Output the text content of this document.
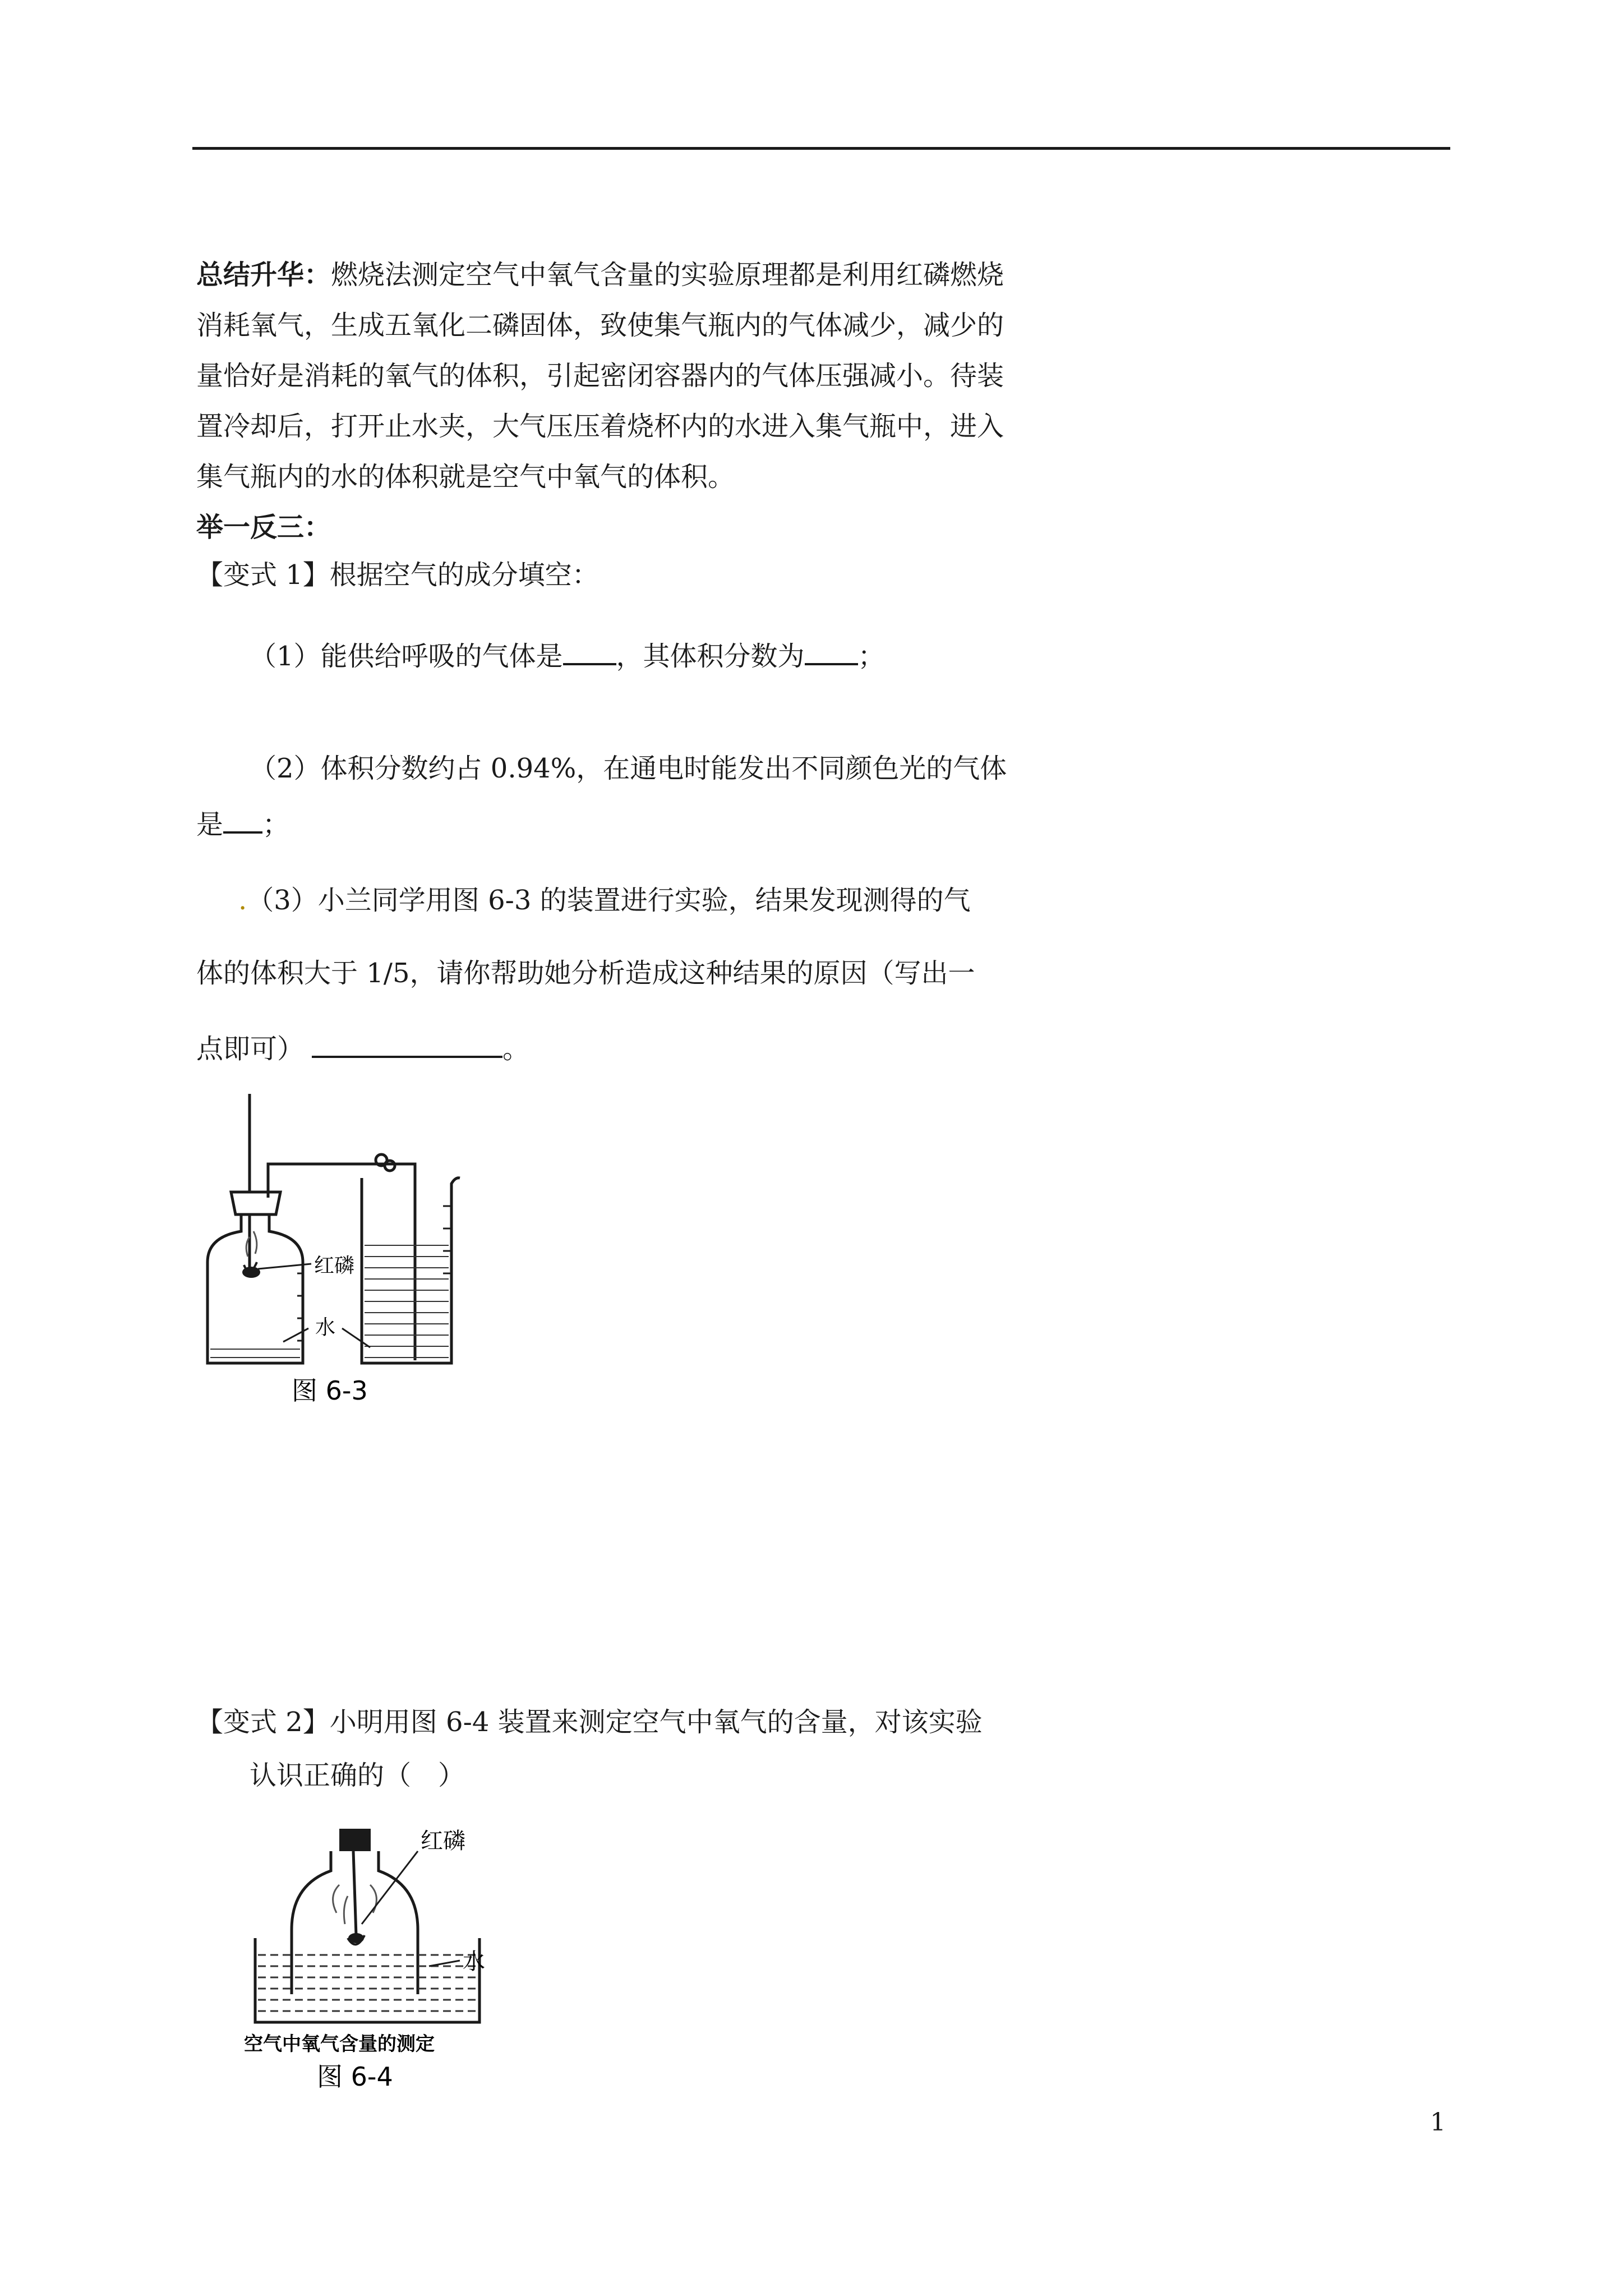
总结升华：燃烧法测定空气中氧气含量的实验原理都是利用红磷燃烧消耗氧气，生成五氧化二磷固体，致使集气瓶内的气体减少，减少的量恰好是消耗的氧气的体积，引起密闭容器内的气体压强减小。待装置冷却后，打开止水夹，大气压压着烧杯内的水进入集气瓶中，进入集气瓶内的水的体积就是空气中氧气的体积。

举一反三：
【变式 1】根据空气的成分填空：
（1）能供给呼吸的气体是 ，其体积分数为 ；
（2）体积分数约占 0.94%，在通电时能发出不同颜色光的气体
是 ；
.（3）小兰同学用图 6-3 的装置进行实验，结果发现测得的气
体的体积大于 1/5，请你帮助她分析造成这种结果的原因（写出一
点即可）	。
红磷
水
图 6-3
【变式 2】小明用图 6-4 装置来测定空气中氧气的含量，对该实验
认识正确的（　）
红磷
水
空气中氧气含量的测定
图 6-4
1
